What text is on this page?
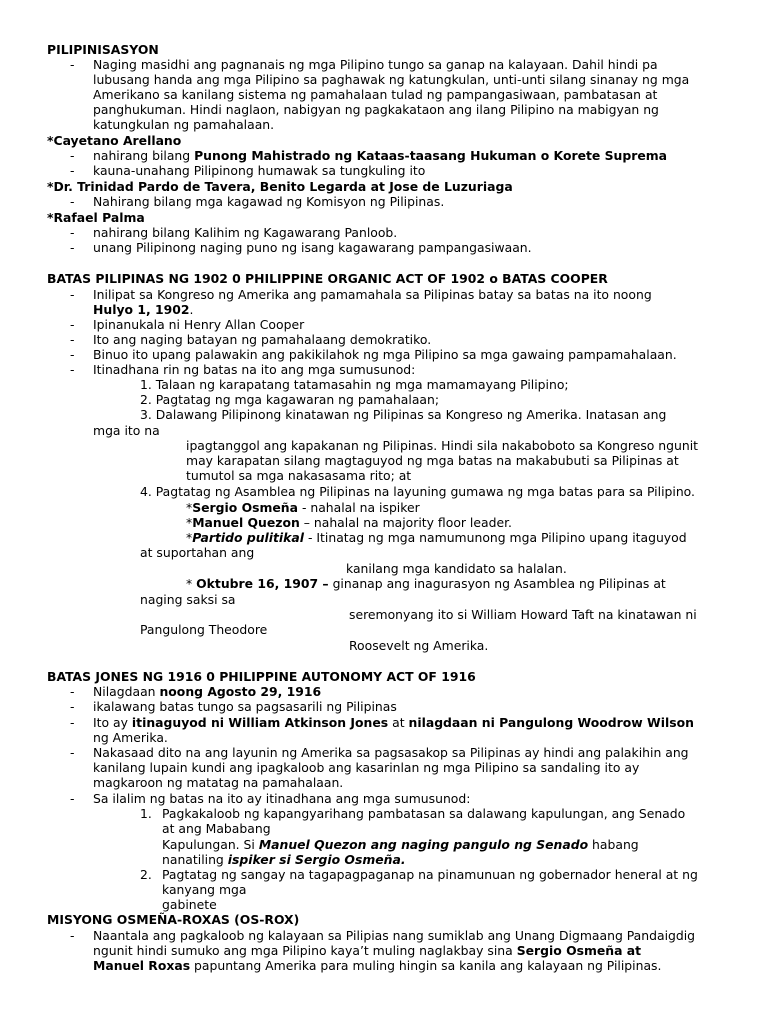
PILIPINISASYON
- Naging masidhi ang pagnanais ng mga Pilipino tungo sa ganap na kalayaan. Dahil hindi pa
lubusang handa ang mga Pilipino sa paghawak ng katungkulan, unti-unti silang sinanay ng mga
Amerikano sa kanilang sistema ng pamahalaan tulad ng pampangasiwaan, pambatasan at
panghukuman. Hindi naglaon, nabigyan ng pagkakataon ang ilang Pilipino na mabigyan ng
katungkulan ng pamahalaan.
*Cayetano Arellano
- nahirang bilang Punong Mahistrado ng Kataas-taasang Hukuman o Korete Suprema
- kauna-unahang Pilipinong humawak sa tungkuling ito
*Dr. Trinidad Pardo de Tavera, Benito Legarda at Jose de Luzuriaga
- Nahirang bilang mga kagawad ng Komisyon ng Pilipinas.
*Rafael Palma
- nahirang bilang Kalihim ng Kagawarang Panloob.
- unang Pilipinong naging puno ng isang kagawarang pampangasiwaan.
BATAS PILIPINAS NG 1902 0 PHILIPPINE ORGANIC ACT OF 1902 o BATAS COOPER
- Inilipat sa Kongreso ng Amerika ang pamamahala sa Pilipinas batay sa batas na ito noong
Hulyo 1, 1902.
- Ipinanukala ni Henry Allan Cooper
- Ito ang naging batayan ng pamahalaang demokratiko.
- Binuo ito upang palawakin ang pakikilahok ng mga Pilipino sa mga gawaing pampamahalaan.
- Itinadhana rin ng batas na ito ang mga sumusunod:
1. Talaan ng karapatang tatamasahin ng mga mamamayang Pilipino;
2. Pagtatag ng mga kagawaran ng pamahalaan;
3. Dalawang Pilipinong kinatawan ng Pilipinas sa Kongreso ng Amerika. Inatasan ang
mga ito na
ipagtanggol ang kapakanan ng Pilipinas. Hindi sila nakaboboto sa Kongreso ngunit
may karapatan silang magtaguyod ng mga batas na makabubuti sa Pilipinas at
tumutol sa mga nakasasama rito; at
4. Pagtatag ng Asamblea ng Pilipinas na layuning gumawa ng mga batas para sa Pilipino.
*Sergio Osmeña - nahalal na ispiker
*Manuel Quezon – nahalal na majority floor leader.
*Partido pulitikal - Itinatag ng mga namumunong mga Pilipino upang itaguyod
at suportahan ang
kanilang mga kandidato sa halalan.
* Oktubre 16, 1907 – ginanap ang inagurasyon ng Asamblea ng Pilipinas at
naging saksi sa
seremonyang ito si William Howard Taft na kinatawan ni
Pangulong Theodore
Roosevelt ng Amerika.
BATAS JONES NG 1916 0 PHILIPPINE AUTONOMY ACT OF 1916
- Nilagdaan noong Agosto 29, 1916
- ikalawang batas tungo sa pagsasarili ng Pilipinas
- Ito ay itinaguyod ni William Atkinson Jones at nilagdaan ni Pangulong Woodrow Wilson
ng Amerika.
- Nakasaad dito na ang layunin ng Amerika sa pagsasakop sa Pilipinas ay hindi ang palakihin ang
kanilang lupain kundi ang ipagkaloob ang kasarinlan ng mga Pilipino sa sandaling ito ay
magkaroon ng matatag na pamahalaan.
- Sa ilalim ng batas na ito ay itinadhana ang mga sumusunod:
1. Pagkakaloob ng kapangyarihang pambatasan sa dalawang kapulungan, ang Senado
at ang Mababang
Kapulungan. Si Manuel Quezon ang naging pangulo ng Senado habang
nanatiling ispiker si Sergio Osmeña.
2. Pagtatag ng sangay na tagapagpaganap na pinamunuan ng gobernador heneral at ng
kanyang mga
gabinete
MISYONG OSMEÑA-ROXAS (OS-ROX)
- Naantala ang pagkaloob ng kalayaan sa Pilipias nang sumiklab ang Unang Digmaang Pandaigdig
ngunit hindi sumuko ang mga Pilipino kaya’t muling naglakbay sina Sergio Osmeña at
Manuel Roxas papuntang Amerika para muling hingin sa kanila ang kalayaan ng Pilipinas.
